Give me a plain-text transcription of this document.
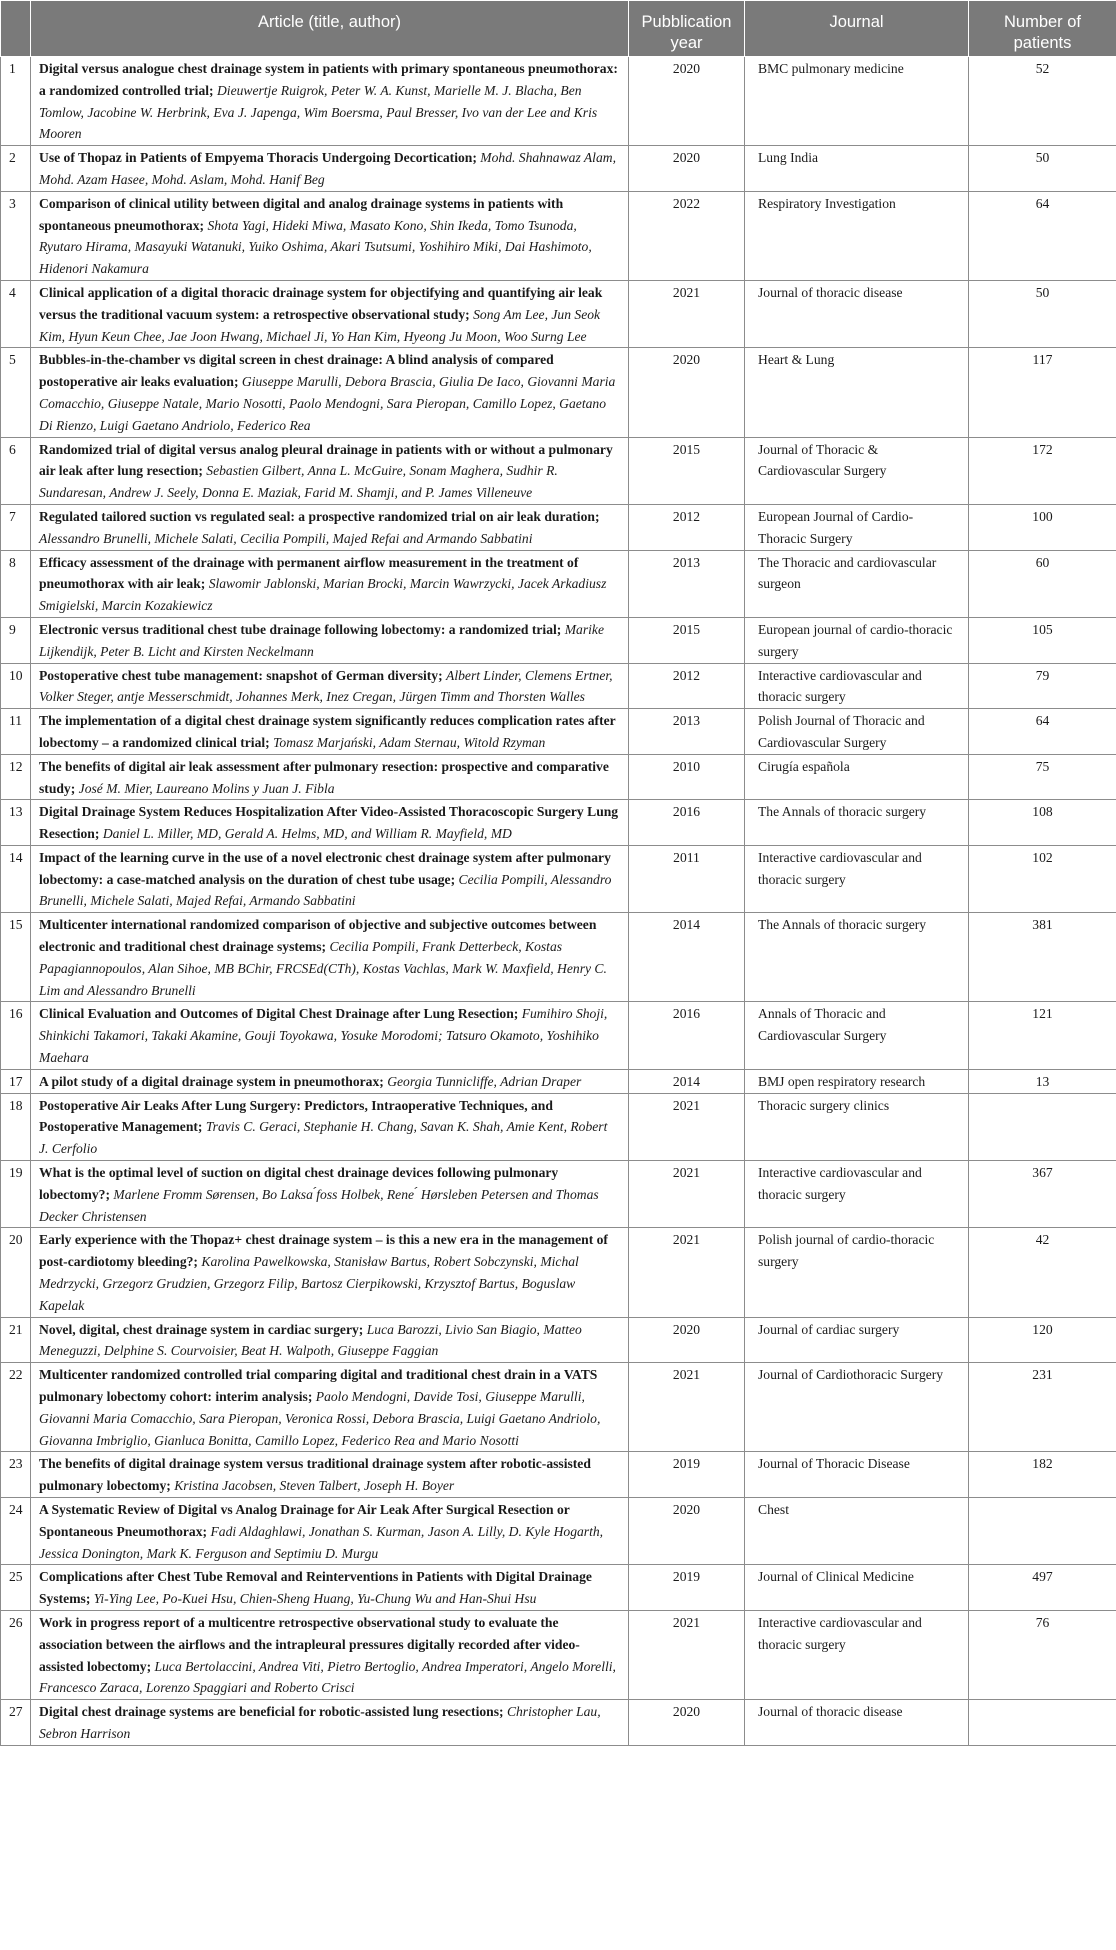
	Article (title, author)	Pubblication year	Journal	Number of patients
1	Digital versus analogue chest drainage system in patients with primary spontaneous pneumothorax: a randomized controlled trial; Dieuwertje Ruigrok, Peter W. A. Kunst, Marielle M. J. Blacha, Ben Tomlow, Jacobine W. Herbrink, Eva J. Japenga, Wim Boersma, Paul Bresser, Ivo van der Lee and Kris Mooren	2020	BMC pulmonary medicine	52
2	Use of Thopaz in Patients of Empyema Thoracis Undergoing Decortication; Mohd. Shahnawaz Alam, Mohd. Azam Hasee, Mohd. Aslam, Mohd. Hanif Beg	2020	Lung India	50
3	Comparison of clinical utility between digital and analog drainage systems in patients with spontaneous pneumothorax; Shota Yagi, Hideki Miwa, Masato Kono, Shin Ikeda, Tomo Tsunoda, Ryutaro Hirama, Masayuki Watanuki, Yuiko Oshima, Akari Tsutsumi, Yoshihiro Miki, Dai Hashimoto, Hidenori Nakamura	2022	Respiratory Investigation	64
4	Clinical application of a digital thoracic drainage system for objectifying and quantifying air leak versus the traditional vacuum system: a retrospective observational study; Song Am Lee, Jun Seok Kim, Hyun Keun Chee, Jae Joon Hwang, Michael Ji, Yo Han Kim, Hyeong Ju Moon, Woo Surng Lee	2021	Journal of thoracic disease	50
5	Bubbles-in-the-chamber vs digital screen in chest drainage: A blind analysis of compared postoperative air leaks evaluation; Giuseppe Marulli, Debora Brascia, Giulia De Iaco, Giovanni Maria Comacchio, Giuseppe Natale, Mario Nosotti, Paolo Mendogni, Sara Pieropan, Camillo Lopez, Gaetano Di Rienzo, Luigi Gaetano Andriolo, Federico Rea	2020	Heart & Lung	117
6	Randomized trial of digital versus analog pleural drainage in patients with or without a pulmonary air leak after lung resection; Sebastien Gilbert, Anna L. McGuire, Sonam Maghera, Sudhir R. Sundaresan, Andrew J. Seely, Donna E. Maziak, Farid M. Shamji, and P. James Villeneuve	2015	Journal of Thoracic & Cardiovascular Surgery	172
7	Regulated tailored suction vs regulated seal: a prospective randomized trial on air leak duration; Alessandro Brunelli, Michele Salati, Cecilia Pompili, Majed Refai and Armando Sabbatini	2012	European Journal of Cardio-Thoracic Surgery	100
8	Efficacy assessment of the drainage with permanent airflow measurement in the treatment of pneumothorax with air leak; Slawomir Jablonski, Marian Brocki, Marcin Wawrzycki, Jacek Arkadiusz Smigielski, Marcin Kozakiewicz	2013	The Thoracic and cardiovascular surgeon	60
9	Electronic versus traditional chest tube drainage following lobectomy: a randomized trial; Marike Lijkendijk, Peter B. Licht and Kirsten Neckelmann	2015	European journal of cardio-thoracic surgery	105
10	Postoperative chest tube management: snapshot of German diversity; Albert Linder, Clemens Ertner, Volker Steger, antje Messerschmidt, Johannes Merk, Inez Cregan, Jürgen Timm and Thorsten Walles	2012	Interactive cardiovascular and thoracic surgery	79
11	The implementation of a digital chest drainage system significantly reduces complication rates after lobectomy – a randomized clinical trial; Tomasz Marjański, Adam Sternau, Witold Rzyman	2013	Polish Journal of Thoracic and Cardiovascular Surgery	64
12	The benefits of digital air leak assessment after pulmonary resection: prospective and comparative study; José M. Mier, Laureano Molins y Juan J. Fibla	2010	Cirugía española	75
13	Digital Drainage System Reduces Hospitalization After Video-Assisted Thoracoscopic Surgery Lung Resection; Daniel L. Miller, MD, Gerald A. Helms, MD, and William R. Mayfield, MD	2016	The Annals of thoracic surgery	108
14	Impact of the learning curve in the use of a novel electronic chest drainage system after pulmonary lobectomy: a case-matched analysis on the duration of chest tube usage; Cecilia Pompili, Alessandro Brunelli, Michele Salati, Majed Refai, Armando Sabbatini	2011	Interactive cardiovascular and thoracic surgery	102
15	Multicenter international randomized comparison of objective and subjective outcomes between electronic and traditional chest drainage systems; Cecilia Pompili, Frank Detterbeck, Kostas Papagiannopoulos, Alan Sihoe, MB BChir, FRCSEd(CTh), Kostas Vachlas, Mark W. Maxfield, Henry C. Lim and Alessandro Brunelli	2014	The Annals of thoracic surgery	381
16	Clinical Evaluation and Outcomes of Digital Chest Drainage after Lung Resection; Fumihiro Shoji, Shinkichi Takamori, Takaki Akamine, Gouji Toyokawa, Yosuke Morodomi; Tatsuro Okamoto, Yoshihiko Maehara	2016	Annals of Thoracic and Cardiovascular Surgery	121
17	A pilot study of a digital drainage system in pneumothorax; Georgia Tunnicliffe, Adrian Draper	2014	BMJ open respiratory research	13
18	Postoperative Air Leaks After Lung Surgery: Predictors, Intraoperative Techniques, and Postoperative Management; Travis C. Geraci, Stephanie H. Chang, Savan K. Shah, Amie Kent, Robert J. Cerfolio	2021	Thoracic surgery clinics	
19	What is the optimal level of suction on digital chest drainage devices following pulmonary lobectomy?; Marlene Fromm Sørensen, Bo Laksa ́fοss Holbek, Rene ́ Hørsleben Petersen and Thomas Decker Christensen	2021	Interactive cardiovascular and thoracic surgery	367
20	Early experience with the Thopaz+ chest drainage system – is this a new era in the management of post-cardiotomy bleeding?; Karolina Pawelkowska, Stanisław Bartus, Robert Sobczynski, Michal Medrzycki, Grzegorz Grudzien, Grzegorz Filip, Bartosz Cierpikowski, Krzysztof Bartus, Boguslaw Kapelak	2021	Polish journal of cardio-thoracic surgery	42
21	Novel, digital, chest drainage system in cardiac surgery; Luca Barozzi, Livio San Biagio, Matteo Meneguzzi, Delphine S. Courvoisier, Beat H. Walpoth, Giuseppe Faggian	2020	Journal of cardiac surgery	120
22	Multicenter randomized controlled trial comparing digital and traditional chest drain in a VATS pulmonary lobectomy cohort: interim analysis; Paolo Mendogni, Davide Tosi, Giuseppe Marulli, Giovanni Maria Comacchio, Sara Pieropan, Veronica Rossi, Debora Brascia, Luigi Gaetano Andriolo, Giovanna Imbriglio, Gianluca Bonitta, Camillo Lopez, Federico Rea and Mario Nosotti	2021	Journal of Cardiothoracic Surgery	231
23	The benefits of digital drainage system versus traditional drainage system after robotic-assisted pulmonary lobectomy; Kristina Jacobsen, Steven Talbert, Joseph H. Boyer	2019	Journal of Thoracic Disease	182
24	A Systematic Review of Digital vs Analog Drainage for Air Leak After Surgical Resection or Spontaneous Pneumothorax; Fadi Aldaghlawi, Jonathan S. Kurman, Jason A. Lilly, D. Kyle Hogarth, Jessica Donington, Mark K. Ferguson and Septimiu D. Murgu	2020	Chest	
25	Complications after Chest Tube Removal and Reinterventions in Patients with Digital Drainage Systems; Yi-Ying Lee, Po-Kuei Hsu, Chien-Sheng Huang, Yu-Chung Wu and Han-Shui Hsu	2019	Journal of Clinical Medicine	497
26	Work in progress report of a multicentre retrospective observational study to evaluate the association between the airflows and the intrapleural pressures digitally recorded after video-assisted lobectomy; Luca Bertolaccini, Andrea Viti, Pietro Bertoglio, Andrea Imperatori, Angelo Morelli, Francesco Zaraca, Lorenzo Spaggiari and Roberto Crisci	2021	Interactive cardiovascular and thoracic surgery	76
27	Digital chest drainage systems are beneficial for robotic-assisted lung resections; Christopher Lau, Sebron Harrison	2020	Journal of thoracic disease	
